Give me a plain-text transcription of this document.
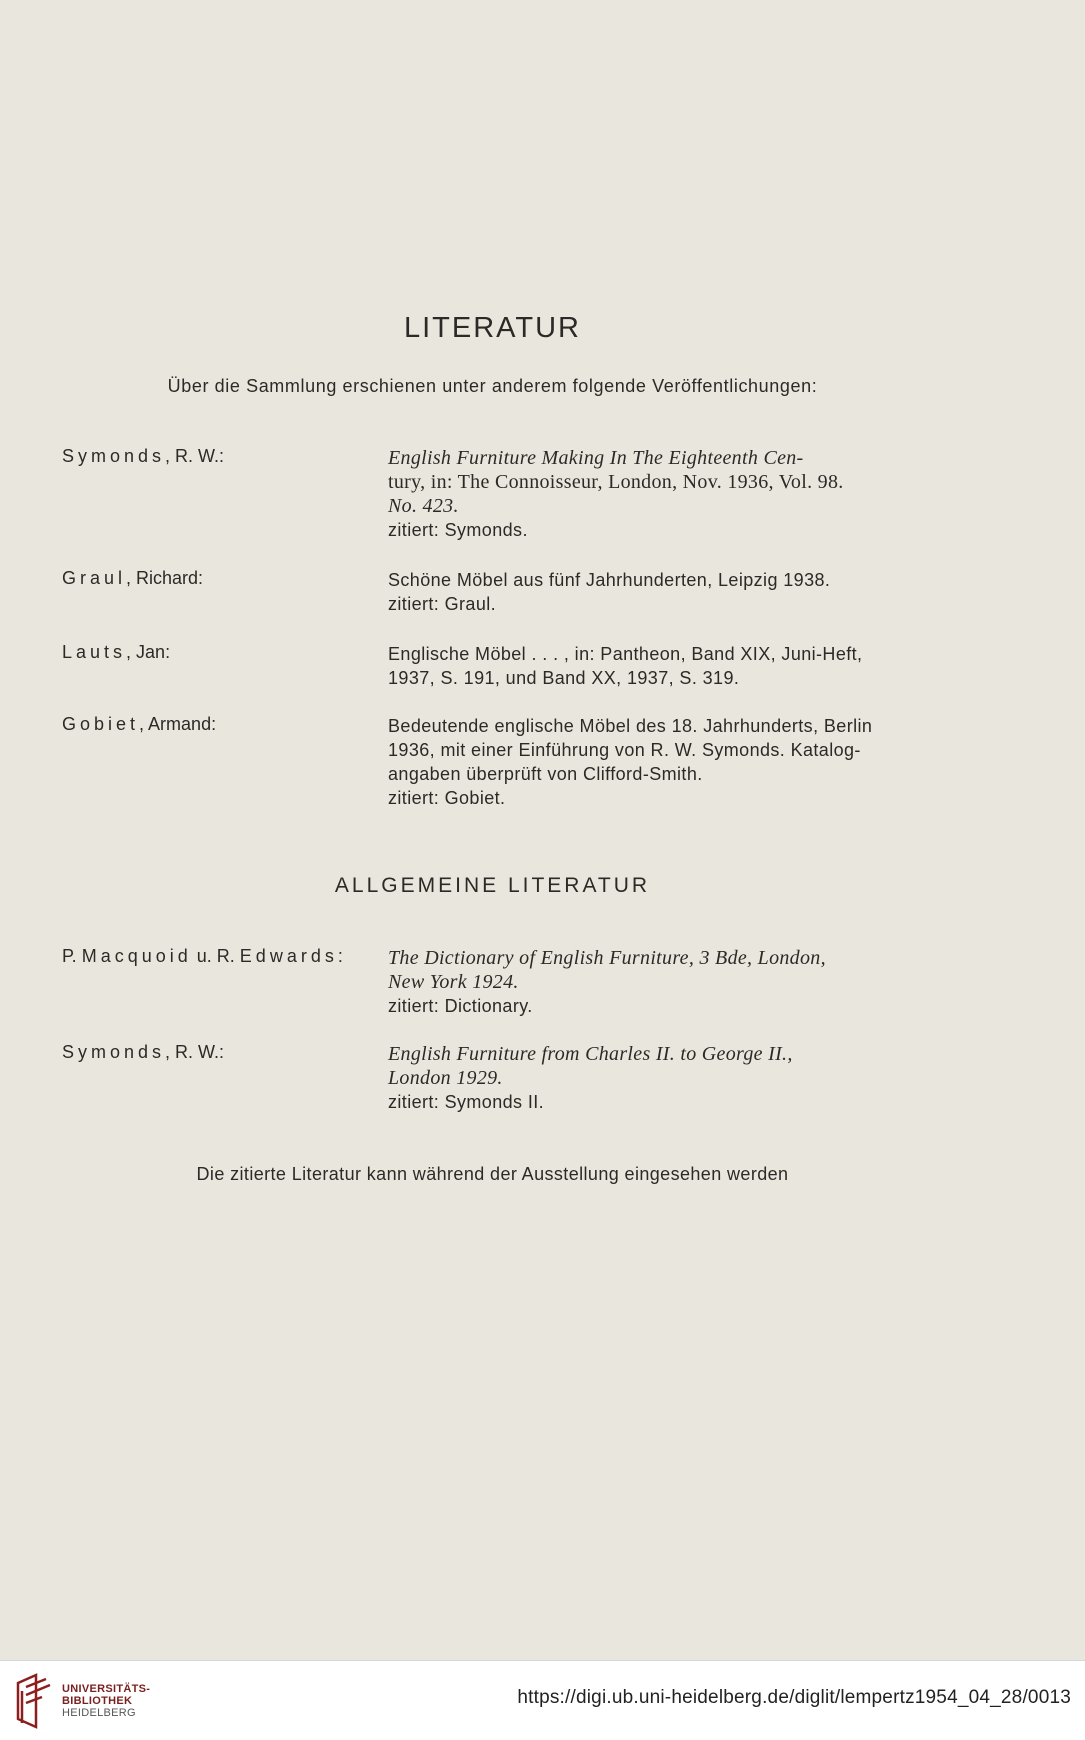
LITERATUR
Über die Sammlung erschienen unter anderem folgende Veröffentlichungen:
Symonds, R. W.:	English Furniture Making In The Eighteenth Cen-
tury, in: The Connoisseur, London, Nov. 1936, Vol. 98.
No. 423.
zitiert: Symonds.
Graul, Richard:	Schöne Möbel aus fünf Jahrhunderten, Leipzig 1938.
zitiert: Graul.
Lauts, Jan:	Englische Möbel . . . , in: Pantheon, Band XIX, Juni-Heft,
1937, S. 191, und Band XX, 1937, S. 319.
Gobiet, Armand:	Bedeutende englische Möbel des 18. Jahrhunderts, Berlin
1936, mit einer Einführung von R. W. Symonds. Katalog-
angaben überprüft von Clifford-Smith.
zitiert: Gobiet.
ALLGEMEINE LITERATUR
P. Macquoid u. R. Edwards: The Dictionary of English Furniture, 3 Bde, London,
New York 1924.
zitiert: Dictionary.
Symonds, R. W.:	English Furniture from Charles II. to George II.,
London 1929.
zitiert: Symonds II.
Die zitierte Literatur kann während der Ausstellung eingesehen werden
UNIVERSITÄTS-
BIBLIOTHEK
HEIDELBERG
https://digi.ub.uni-heidelberg.de/diglit/lempertz1954_04_28/0013
